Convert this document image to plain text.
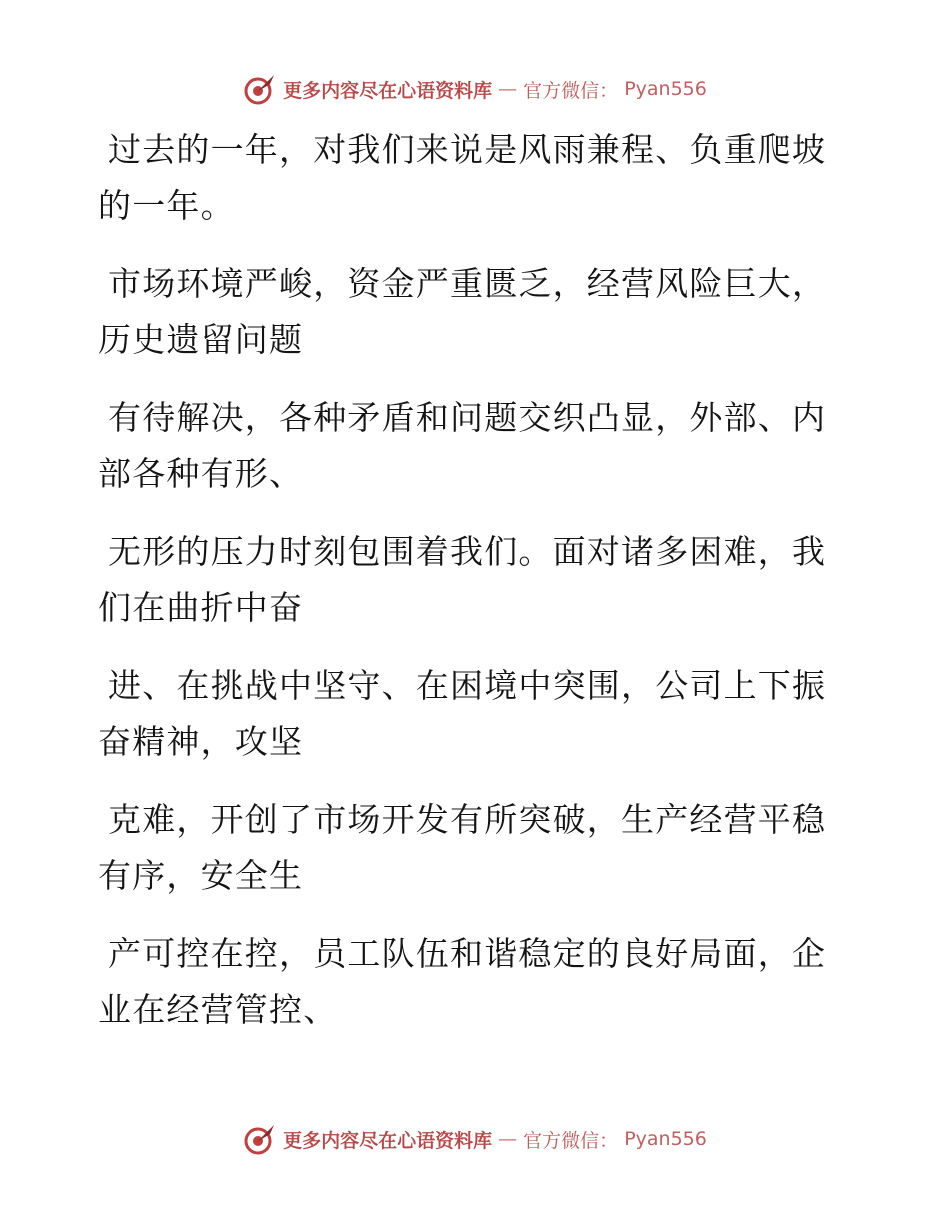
更多内容尽在心语资料库 — 官方微信： Pyan556
过去的一年，对我们来说是风雨兼程、负重爬坡
的一年。
市场环境严峻，资金严重匮乏，经营风险巨大，
历史遗留问题
有待解决，各种矛盾和问题交织凸显，外部、内
部各种有形、
无形的压力时刻包围着我们。面对诸多困难，我
们在曲折中奋
进、在挑战中坚守、在困境中突围，公司上下振
奋精神，攻坚
克难，开创了市场开发有所突破，生产经营平稳
有序，安全生
产可控在控，员工队伍和谐稳定的良好局面，企
业在经营管控、
更多内容尽在心语资料库 — 官方微信： Pyan556
